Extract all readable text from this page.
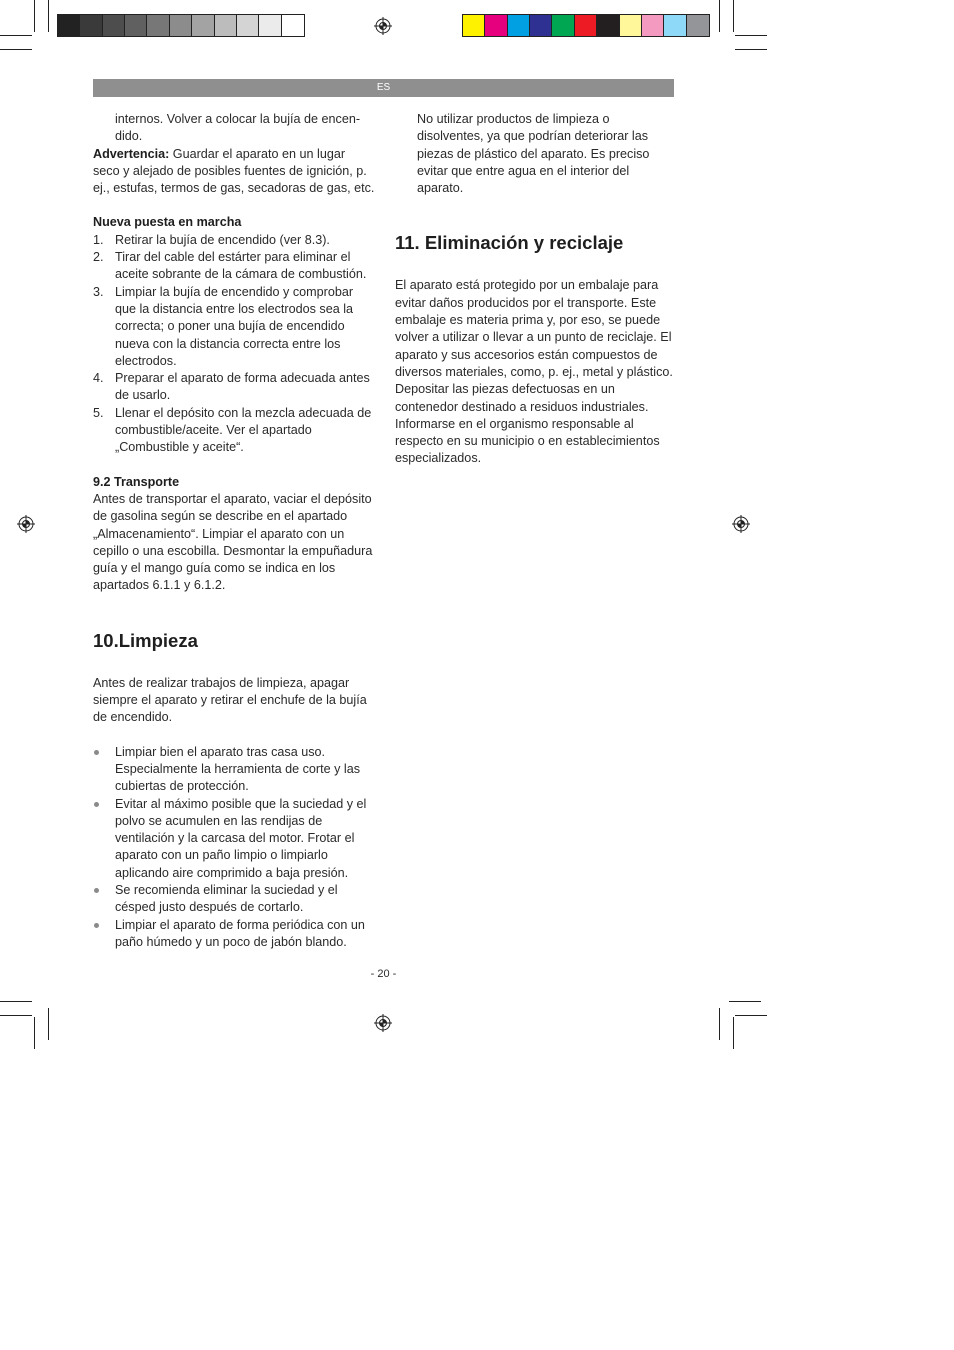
ES

internos. Volver a colocar la bujía de encen-
dido.

Advertencia: Guardar el aparato en un lugar seco y alejado de posibles fuentes de ignición, p. ej., estufas, termos de gas, secadoras de gas, etc.

Nueva puesta en marcha

1. Retirar la bujía de encendido (ver 8.3).
2. Tirar del cable del estárter para eliminar el aceite sobrante de la cámara de combustión.
3. Limpiar la bujía de encendido y comprobar que la distancia entre los electrodos sea la correcta; o poner una bujía de encendido nueva con la distancia correcta entre los electrodos.
4. Preparar el aparato de forma adecuada antes de usarlo.
5. Llenar el depósito con la mezcla adecuada de combustible/aceite. Ver el apartado „Combustible y aceite“.

9.2 Transporte

Antes de transportar el aparato, vaciar el depósito de gasolina según se describe en el apartado „Almacenamiento“. Limpiar el aparato con un cepillo o una escobilla. Desmontar la empuñadura guía y el mango guía como se indica en los apartados 6.1.1 y 6.1.2.

10.Limpieza

Antes de realizar trabajos de limpieza, apagar siempre el aparato y retirar el enchufe de la bujía de encendido.

Limpiar bien el aparato tras casa uso. Especialmente la herramienta de corte y las cubiertas de protección.
Evitar al máximo posible que la suciedad y el polvo se acumulen en las rendijas de ventilación y la carcasa del motor. Frotar el aparato con un paño limpio o limpiarlo aplicando aire comprimido a baja presión.
Se recomienda eliminar la suciedad y el césped justo después de cortarlo.
Limpiar el aparato de forma periódica con un paño húmedo y un poco de jabón blando.

No utilizar productos de limpieza o disolventes, ya que podrían deteriorar las piezas de plástico del aparato. Es preciso evitar que entre agua en el interior del aparato.

11. Eliminación y reciclaje

El aparato está protegido por un embalaje para evitar daños producidos por el transporte. Este embalaje es materia prima y, por eso, se puede volver a utilizar o llevar a un punto de reciclaje. El aparato y sus accesorios están compuestos de diversos materiales, como, p. ej., metal y plástico. Depositar las piezas defectuosas en un contenedor destinado a residuos industriales. Informarse en el organismo responsable al respecto en su municipio o en establecimientos especializados.

- 20 -
